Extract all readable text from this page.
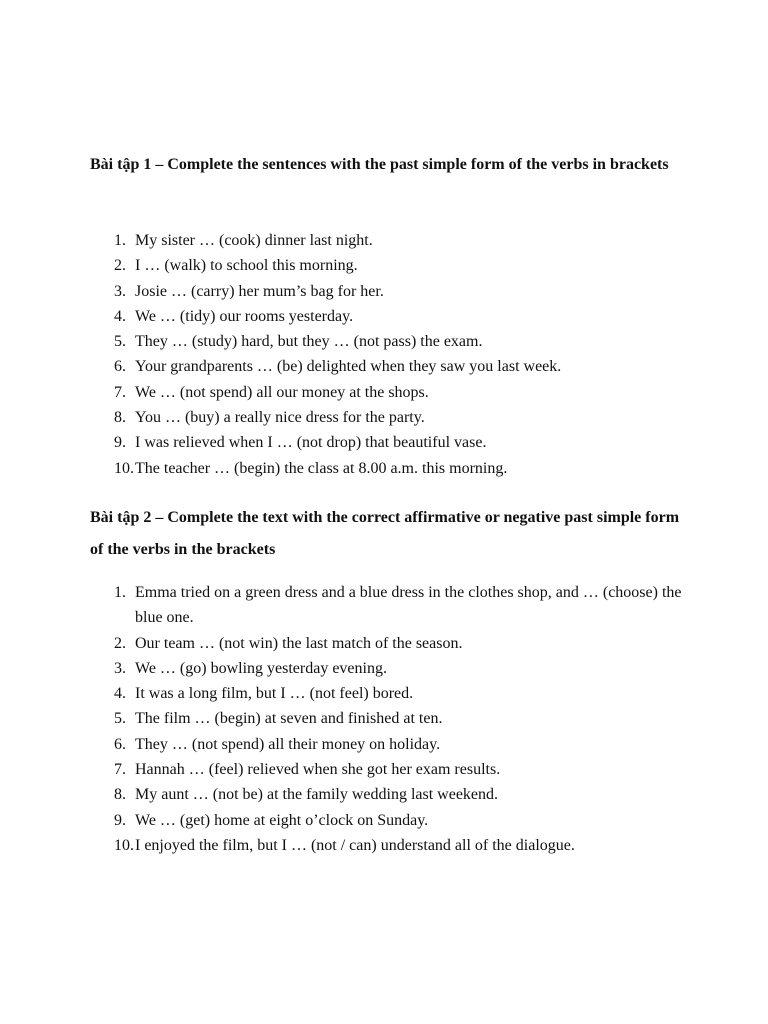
Bài tập 1 – Complete the sentences with the past simple form of the verbs in brackets
1. My sister … (cook) dinner last night.
2. I … (walk) to school this morning.
3. Josie … (carry) her mum’s bag for her.
4. We … (tidy) our rooms yesterday.
5. They … (study) hard, but they … (not pass) the exam.
6. Your grandparents … (be) delighted when they saw you last week.
7. We … (not spend) all our money at the shops.
8. You … (buy) a really nice dress for the party.
9. I was relieved when I … (not drop) that beautiful vase.
10. The teacher … (begin) the class at 8.00 a.m. this morning.
Bài tập 2 – Complete the text with the correct affirmative or negative past simple form of the verbs in the brackets
1. Emma tried on a green dress and a blue dress in the clothes shop, and … (choose) the blue one.
2. Our team … (not win) the last match of the season.
3. We … (go) bowling yesterday evening.
4. It was a long film, but I … (not feel) bored.
5. The film … (begin) at seven and finished at ten.
6. They … (not spend) all their money on holiday.
7. Hannah … (feel) relieved when she got her exam results.
8. My aunt … (not be) at the family wedding last weekend.
9. We … (get) home at eight o’clock on Sunday.
10. I enjoyed the film, but I … (not / can) understand all of the dialogue.
